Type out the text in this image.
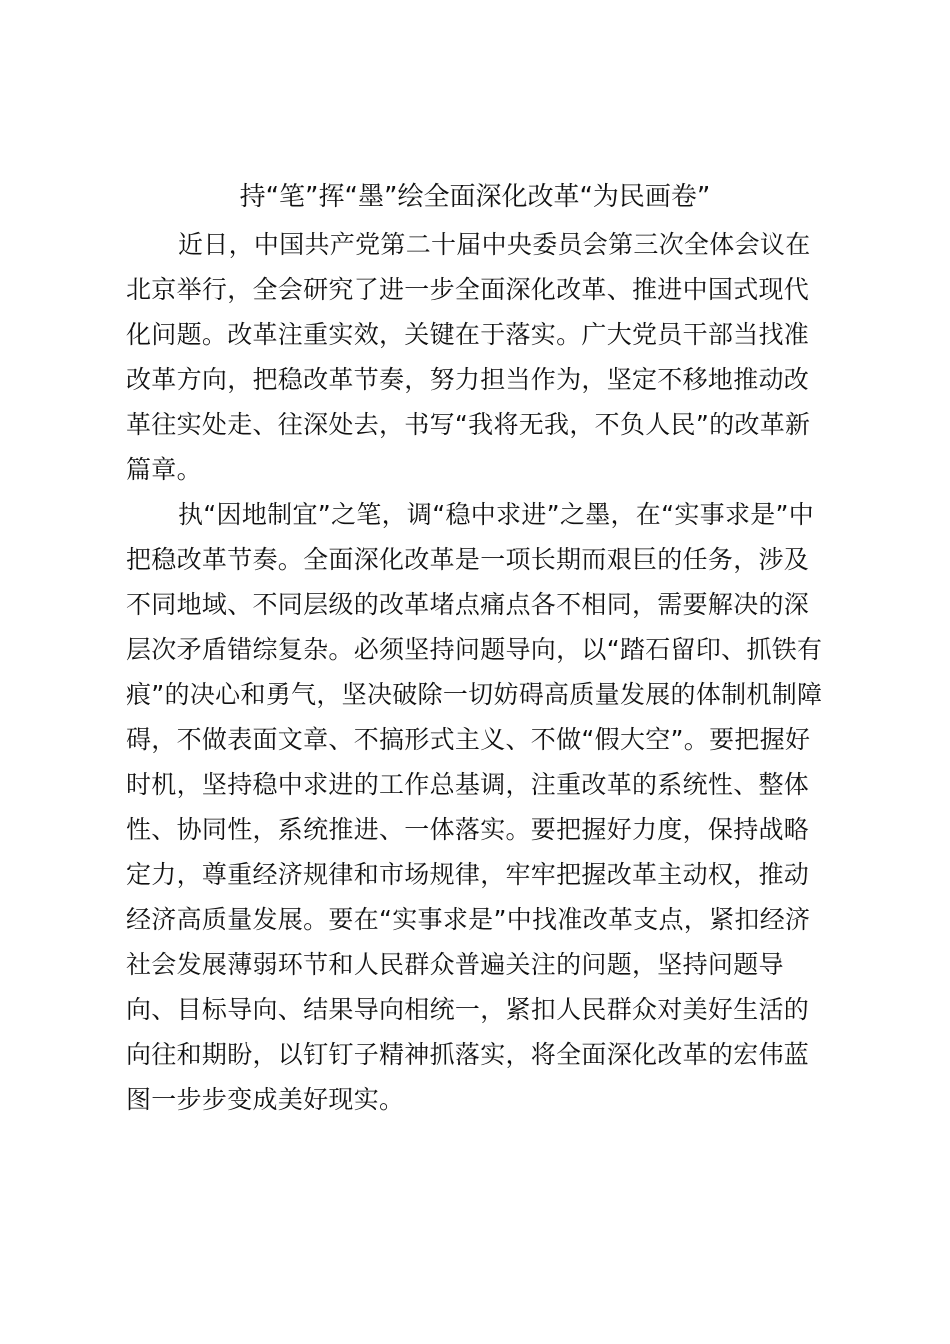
持“笔”挥“墨”绘全面深化改革“为民画卷”
近日，中国共产党第二十届中央委员会第三次全体会议在
北京举行，全会研究了进一步全面深化改革、推进中国式现代
化问题。改革注重实效，关键在于落实。广大党员干部当找准
改革方向，把稳改革节奏，努力担当作为，坚定不移地推动改
革往实处走、往深处去，书写“我将无我，不负人民”的改革新
篇章。
执“因地制宜”之笔，调“稳中求进”之墨，在“实事求是”中
把稳改革节奏。全面深化改革是一项长期而艰巨的任务，涉及
不同地域、不同层级的改革堵点痛点各不相同，需要解决的深
层次矛盾错综复杂。必须坚持问题导向，以“踏石留印、抓铁有
痕”的决心和勇气，坚决破除一切妨碍高质量发展的体制机制障
碍，不做表面文章、不搞形式主义、不做“假大空”。要把握好
时机，坚持稳中求进的工作总基调，注重改革的系统性、整体
性、协同性，系统推进、一体落实。要把握好力度，保持战略
定力，尊重经济规律和市场规律，牢牢把握改革主动权，推动
经济高质量发展。要在“实事求是”中找准改革支点，紧扣经济
社会发展薄弱环节和人民群众普遍关注的问题，坚持问题导
向、目标导向、结果导向相统一，紧扣人民群众对美好生活的
向往和期盼，以钉钉子精神抓落实，将全面深化改革的宏伟蓝
图一步步变成美好现实。
